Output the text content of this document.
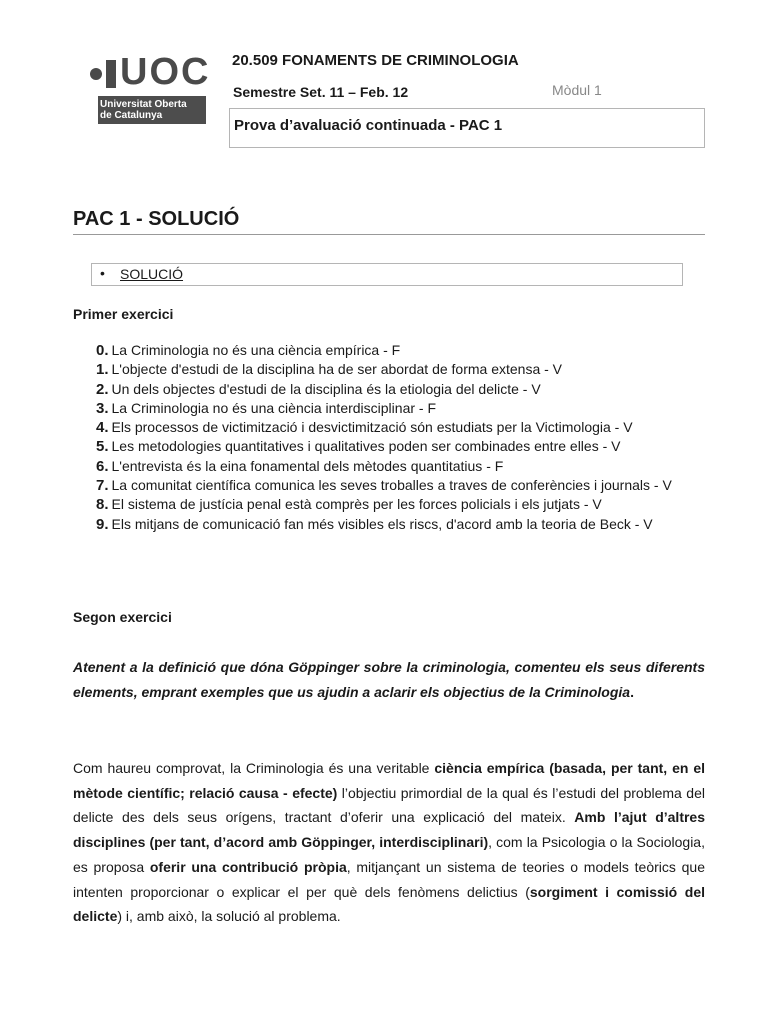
UOC
Universitat Oberta
de Catalunya
20.509 FONAMENTS DE CRIMINOLOGIA
Semestre Set. 11 – Feb. 12	Mòdul 1
Prova d’avaluació continuada - PAC 1
PAC 1 - SOLUCIÓ
• SOLUCIÓ
Primer exercici
0. La Criminologia no és una ciència empírica - F
1. L'objecte d'estudi de la disciplina ha de ser abordat de forma extensa - V
2. Un dels objectes d'estudi de la disciplina és la etiologia del delicte - V
3. La Criminologia no és una ciència interdisciplinar - F
4. Els processos de victimització i desvictimització són estudiats per la Victimologia - V
5. Les metodologies quantitatives i qualitatives poden ser combinades entre elles - V
6. L'entrevista és la eina fonamental dels mètodes quantitatius - F
7. La comunitat científica comunica les seves troballes a traves de conferències i journals - V
8. El sistema de justícia penal està comprès per les forces policials i els jutjats - V
9. Els mitjans de comunicació fan més visibles els riscs, d'acord amb la teoria de Beck - V
Segon exercici
Atenent a la definició que dóna Göppinger sobre la criminologia, comenteu els seus diferents elements, emprant exemples que us ajudin a aclarir els objectius de la Criminologia.
Com haureu comprovat, la Criminologia és una veritable ciència empírica (basada, per tant, en el mètode científic; relació causa - efecte) l’objectiu primordial de la qual és l’estudi del problema del delicte des dels seus orígens, tractant d’oferir una explicació del mateix. Amb l’ajut d’altres disciplines (per tant, d’acord amb Göppinger, interdisciplinari), com la Psicologia o la Sociologia, es proposa oferir una contribució pròpia, mitjançant un sistema de teories o models teòrics que intenten proporcionar o explicar el per què dels fenòmens delictius (sorgiment i comissió del delicte) i, amb això, la solució al problema.
